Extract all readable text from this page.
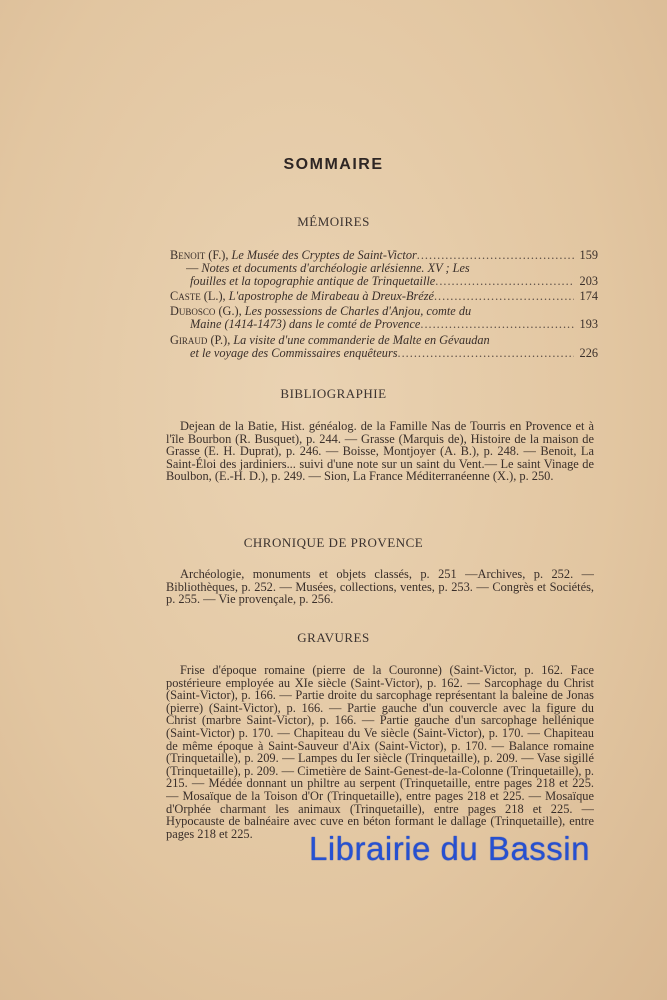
SOMMAIRE
MÉMOIRES
Benoit (F.), Le Musée des Cryptes de Saint-Victor .....	159
— Notes et documents d'archéologie arlésienne. XV ; Les
fouilles et la topographie antique de Trinquetaille .....	203
Caste (L.), L'apostrophe de Mirabeau à Dreux-Brézé .....	174
Dubosco (G.), Les possessions de Charles d'Anjou, comte du
Maine (1414-1473) dans le comté de Provence .....	193
Giraud (P.), La visite d'une commanderie de Malte en Gévaudan
et le voyage des Commissaires enquêteurs .....	226
BIBLIOGRAPHIE
Dejean de la Batie, Hist. généalog. de la Famille Nas de Tourris en Provence et à l'île Bourbon (R. Busquet), p. 244. — Grasse (Marquis de), Histoire de la maison de Grasse (E. H. Duprat), p. 246. — Boisse, Montjoyer (A. B.), p. 248. — Benoit, La Saint-Éloi des jardiniers... suivi d'une note sur un saint du Vent.— Le saint Vinage de Boulbon, (E.-H. D.), p. 249. — Sion, La France Méditerranéenne (X.), p. 250.
CHRONIQUE DE PROVENCE
Archéologie, monuments et objets classés, p. 251 —Archives, p. 252. — Bibliothèques, p. 252. — Musées, collections, ventes, p. 253. — Congrès et Sociétés, p. 255. — Vie provençale, p. 256.
GRAVURES
Frise d'époque romaine (pierre de la Couronne) (Saint-Victor, p. 162. Face postérieure employée au XIe siècle (Saint-Victor), p. 162. — Sarcophage du Christ (Saint-Victor), p. 166. — Partie droite du sarcophage représentant la baleine de Jonas (pierre) (Saint-Victor), p. 166. — Partie gauche d'un couvercle avec la figure du Christ (marbre Saint-Victor), p. 166. — Partie gauche d'un sarcophage hellénique (Saint-Victor) p. 170. — Chapiteau du Ve siècle (Saint-Victor), p. 170. — Chapiteau de même époque à Saint-Sauveur d'Aix (Saint-Victor), p. 170. — Balance romaine (Trinquetaille), p. 209. — Lampes du Ier siècle (Trinquetaille), p. 209. — Vase sigillé (Trinquetaille), p. 209. — Cimetière de Saint-Genest-de-la-Colonne (Trinquetaille), p. 215. — Médée donnant un philtre au serpent (Trinquetaille, entre pages 218 et 225. — Mosaïque de la Toison d'Or (Trinquetaille), entre pages 218 et 225. — Mosaïque d'Orphée charmant les animaux (Trinquetaille), entre pages 218 et 225. — Hypocauste de balnéaire avec cuve en béton formant le dallage (Trinquetaille), entre pages 218 et 225.	Librairie du Bassin
